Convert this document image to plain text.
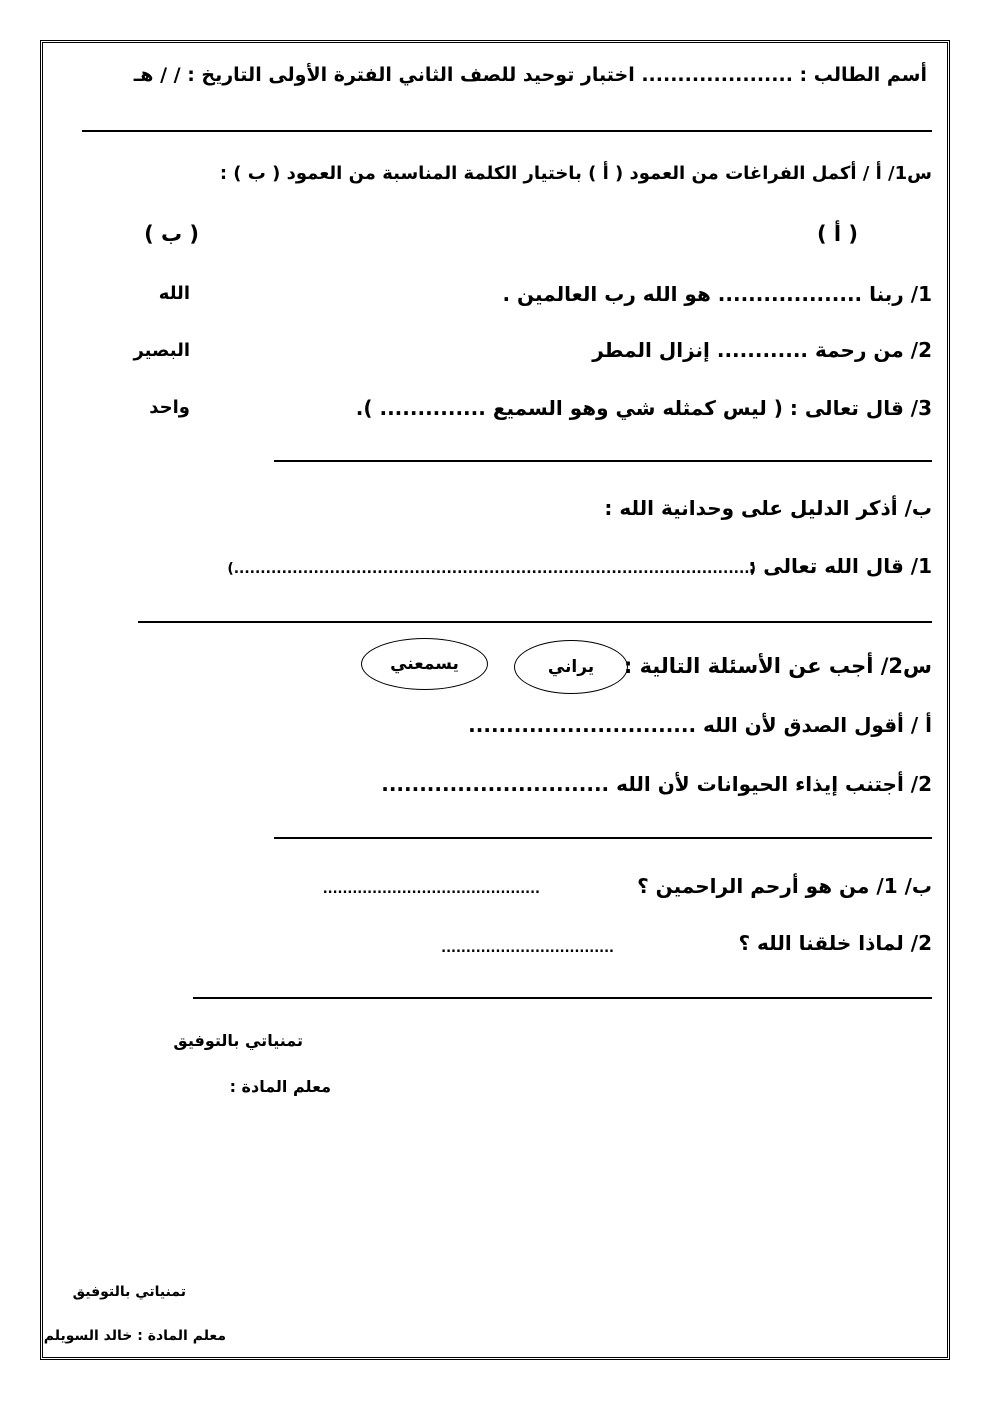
أسم الطالب : ..................... اختبار توحيد للصف الثاني الفترة الأولى التاريخ : / / هـ
س1/ أ / أكمل الفراغات من العمود ( أ ) باختيار الكلمة المناسبة من العمود ( ب ) :
( أ )
( ب )
1/ ربنا ................... هو الله رب العالمين .
الله
2/ من رحمة ............ إنزال المطر
البصير
3/ قال تعالى : ( ليس كمثله شي وهو السميع .............. ).
واحد
ب/ أذكر الدليل على وحدانية الله :
1/ قال الله تعالى :
(.................................................................................................)
س2/ أجب عن الأسئلة التالية :
يراني
يسمعني
أ / أقول الصدق لأن الله ..............................
2/ أجتنب إيذاء الحيوانات لأن الله ..............................
ب/ 1/ من هو أرحم الراحمين ؟
............................................
2/ لماذا خلقنا الله ؟
...................................
تمنياتي بالتوفيق
معلم المادة :
تمنياتي بالتوفيق
معلم المادة : خالد السويلم
